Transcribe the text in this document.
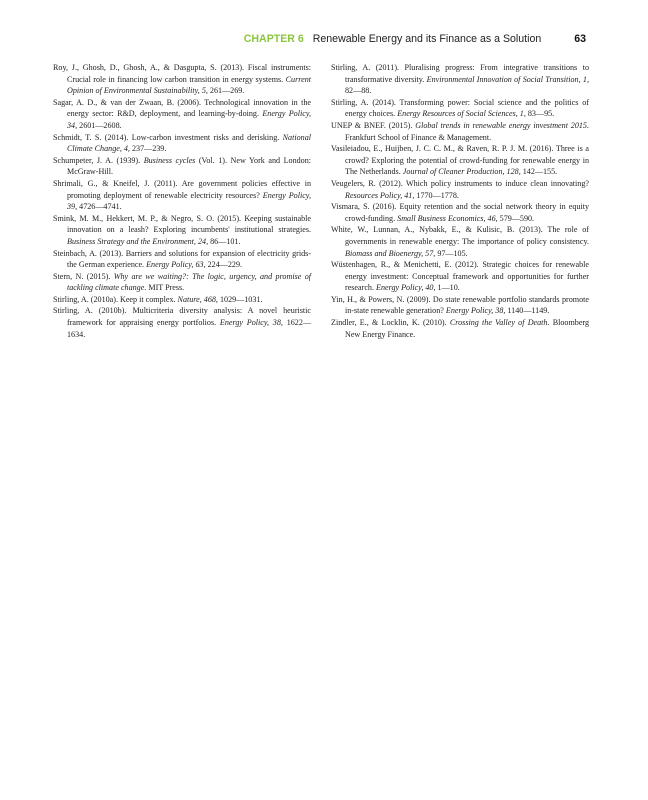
CHAPTER 6 Renewable Energy and its Finance as a Solution	63

Roy, J., Ghosh, D., Ghosh, A., & Dasgupta, S. (2013). Fiscal instruments: Crucial role in financing low carbon transition in energy systems. Current Opinion of Environmental Sustainability, 5, 261—269.

Sagar, A. D., & van der Zwaan, B. (2006). Technological innovation in the energy sector: R&D, deployment, and learning-by-doing. Energy Policy, 34, 2601—2608.

Schmidt, T. S. (2014). Low-carbon investment risks and derisking. National Climate Change, 4, 237—239.

Schumpeter, J. A. (1939). Business cycles (Vol. 1). New York and London: McGraw-Hill.

Shrimali, G., & Kneifel, J. (2011). Are government policies effective in promoting deployment of renewable electricity resources? Energy Policy, 39, 4726—4741.

Smink, M. M., Hekkert, M. P., & Negro, S. O. (2015). Keeping sustainable innovation on a leash? Exploring incumbents' institutional strategies. Business Strategy and the Environment, 24, 86—101.

Steinbach, A. (2013). Barriers and solutions for expansion of electricity grids-the German experience. Energy Policy, 63, 224—229.

Stern, N. (2015). Why are we waiting?: The logic, urgency, and promise of tackling climate change. MIT Press.

Stirling, A. (2010a). Keep it complex. Nature, 468, 1029—1031.

Stirling, A. (2010b). Multicriteria diversity analysis: A novel heuristic framework for appraising energy portfolios. Energy Policy, 38, 1622—1634.

Stirling, A. (2011). Pluralising progress: From integrative transitions to transformative diversity. Environmental Innovation of Social Transition, 1, 82—88.

Stirling, A. (2014). Transforming power: Social science and the politics of energy choices. Energy Resources of Social Sciences, 1, 83—95.

UNEP & BNEF. (2015). Global trends in renewable energy investment 2015. Frankfurt School of Finance & Management.

Vasileiadou, E., Huijben, J. C. C. M., & Raven, R. P. J. M. (2016). Three is a crowd? Exploring the potential of crowd-funding for renewable energy in The Netherlands. Journal of Cleaner Production, 128, 142—155.

Veugelers, R. (2012). Which policy instruments to induce clean innovating? Resources Policy, 41, 1770—1778.

Vismara, S. (2016). Equity retention and the social network theory in equity crowd-funding. Small Business Economics, 46, 579—590.

White, W., Lunnan, A., Nybakk, E., & Kulisic, B. (2013). The role of governments in renewable energy: The importance of policy consistency. Biomass and Bioenergy, 57, 97—105.

Wüstenhagen, R., & Menichetti, E. (2012). Strategic choices for renewable energy investment: Conceptual framework and opportunities for further research. Energy Policy, 40, 1—10.

Yin, H., & Powers, N. (2009). Do state renewable portfolio standards promote in-state renewable generation? Energy Policy, 38, 1140—1149.

Zindler, E., & Locklin, K. (2010). Crossing the Valley of Death. Bloomberg New Energy Finance.
